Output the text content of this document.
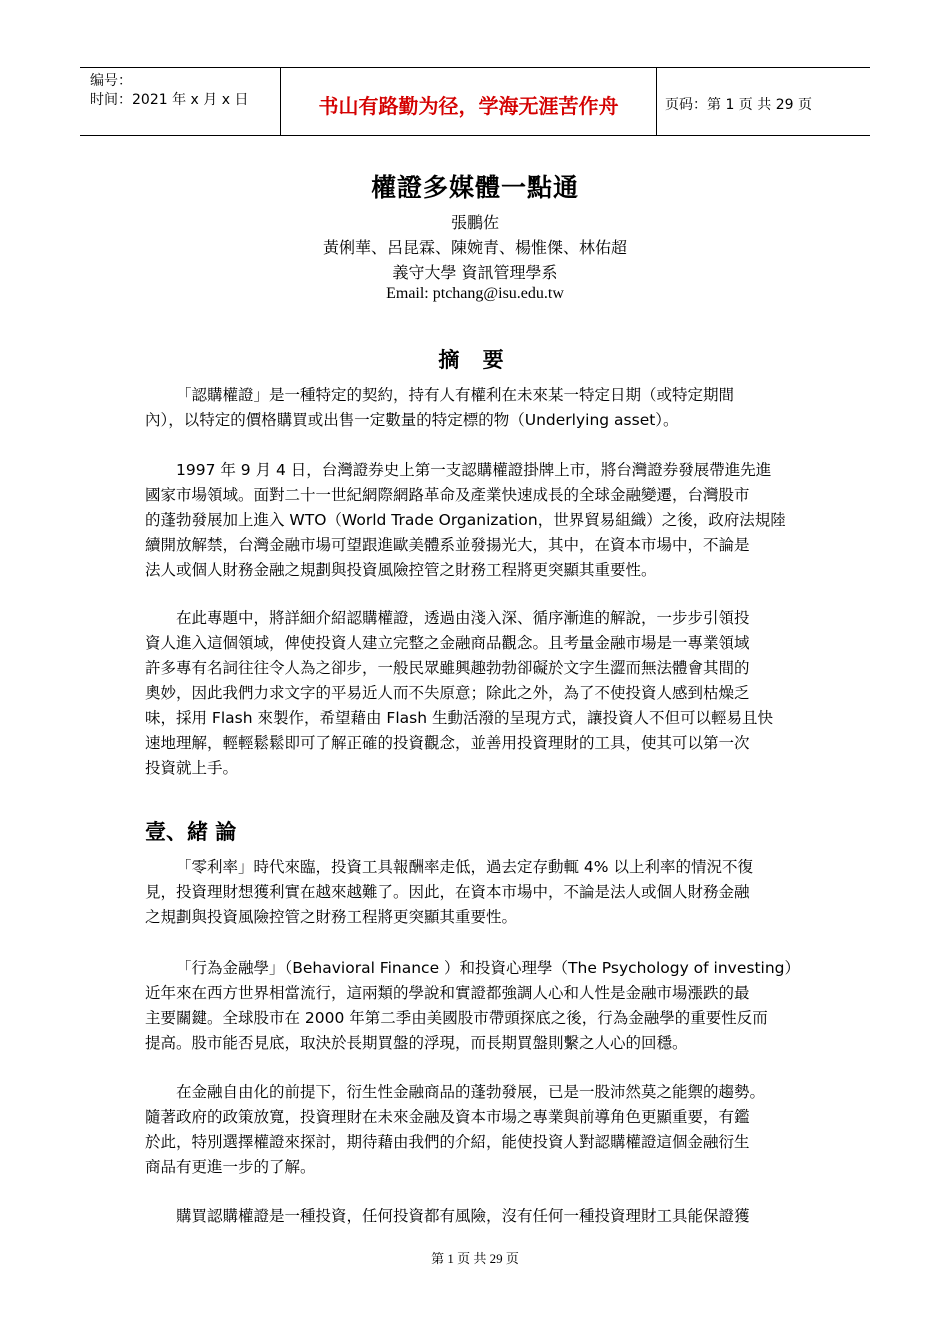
编号：
时间：2021 年 x 月 x 日	书山有路勤为径，学海无涯苦作舟	页码：第 1 页 共 29 页
權證多媒體一點通
張鵬佐
黃俐華、呂昆霖、陳婉青、楊惟傑、林佑超
義守大學 資訊管理學系
Email: ptchang@isu.edu.tw
摘 要

「認購權證」是一種特定的契約，持有人有權利在未來某一特定日期（或特定期間
內），以特定的價格購買或出售一定數量的特定標的物（Underlying asset）。

1997 年 9 月 4 日，台灣證券史上第一支認購權證掛牌上市，將台灣證券發展帶進先進
國家市場領域。面對二十一世紀網際網路革命及產業快速成長的全球金融變遷，台灣股市
的蓬勃發展加上進入 WTO（World Trade Organization，世界貿易組織）之後，政府法規陸
續開放解禁，台灣金融市場可望跟進歐美體系並發揚光大，其中，在資本市場中，不論是
法人或個人財務金融之規劃與投資風險控管之財務工程將更突顯其重要性。

在此專題中，將詳細介紹認購權證，透過由淺入深、循序漸進的解說，一步步引領投
資人進入這個領域，俾使投資人建立完整之金融商品觀念。且考量金融市場是一專業領域
許多專有名詞往往令人為之卻步，一般民眾雖興趣勃勃卻礙於文字生澀而無法體會其間的
奧妙，因此我們力求文字的平易近人而不失原意；除此之外，為了不使投資人感到枯燥乏
味，採用 Flash 來製作，希望藉由 Flash 生動活潑的呈現方式，讓投資人不但可以輕易且快
速地理解，輕輕鬆鬆即可了解正確的投資觀念，並善用投資理財的工具，使其可以第一次
投資就上手。

壹、緒 論

「零利率」時代來臨，投資工具報酬率走低，過去定存動輒 4% 以上利率的情況不復
見，投資理財想獲利實在越來越難了。因此，在資本市場中，不論是法人或個人財務金融
之規劃與投資風險控管之財務工程將更突顯其重要性。

「行為金融學」（Behavioral Finance ）和投資心理學（The Psychology of investing）
近年來在西方世界相當流行，這兩類的學說和實證都強調人心和人性是金融市場漲跌的最
主要關鍵。全球股市在 2000 年第二季由美國股市帶頭探底之後，行為金融學的重要性反而
提高。股市能否見底，取決於長期買盤的浮現，而長期買盤則繫之人心的回穩。

在金融自由化的前提下，衍生性金融商品的蓬勃發展，已是一股沛然莫之能禦的趨勢。
隨著政府的政策放寬，投資理財在未來金融及資本市場之專業與前導角色更顯重要，有鑑
於此，特別選擇權證來探討，期待藉由我們的介紹，能使投資人對認購權證這個金融衍生
商品有更進一步的了解。

購買認購權證是一種投資，任何投資都有風險，沒有任何一種投資理財工具能保證獲

第 1 页 共 29 页
